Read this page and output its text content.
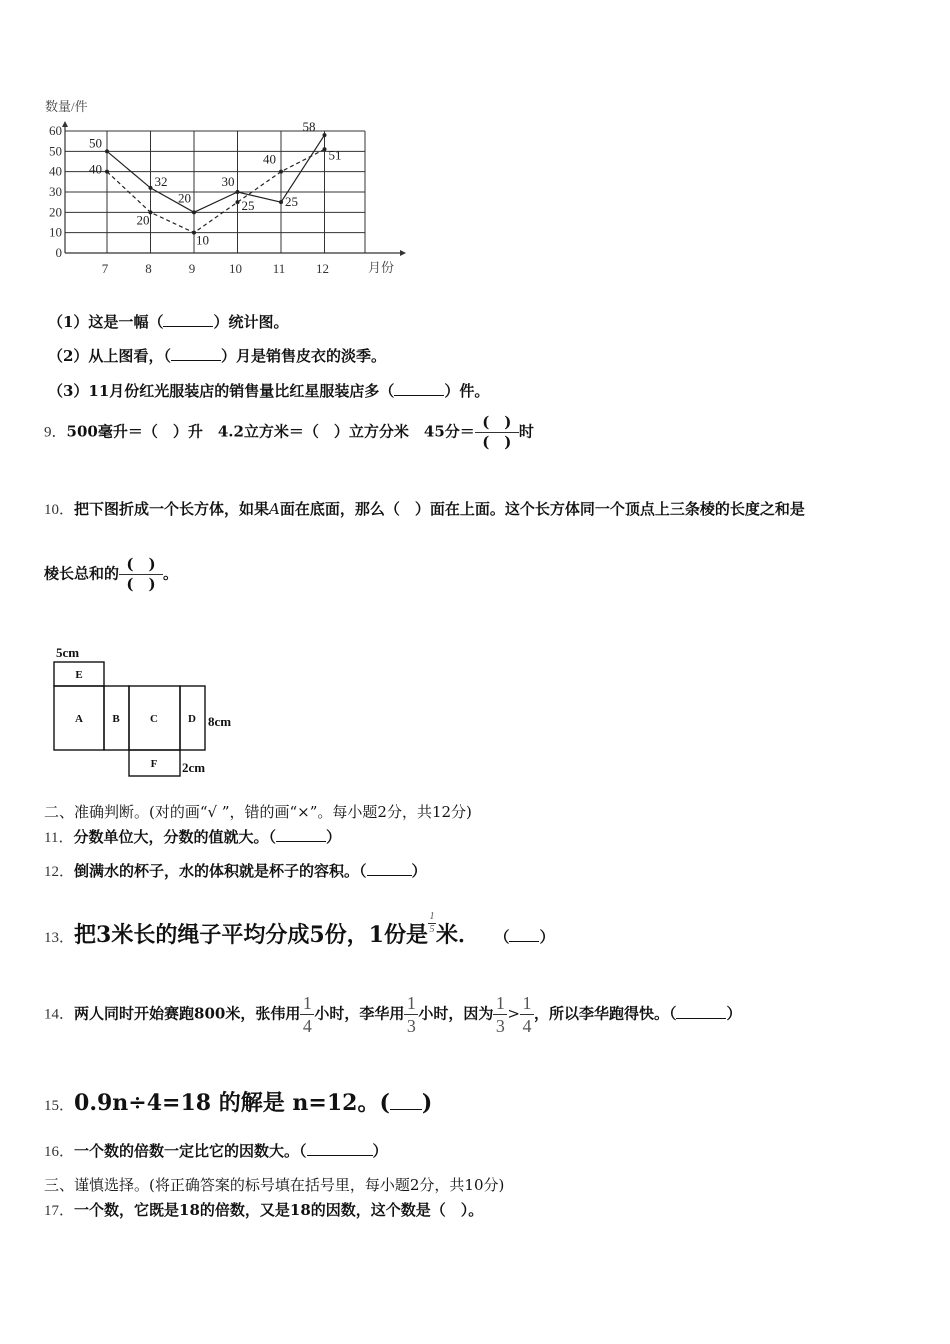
数量/件
月份
0
10
20
30
40
50
60
7	8	9	10 11 12
50
32
20
30
25
58
40
20
10
25
40	51
（1）这是一幅（	）统计图。
（2）从上图看，（	）月是销售皮衣的淡季。
（3）11月份红光服装店的销售量比红星服装店多（	）件。
9．500毫升＝（　）升　4.2立方米＝（　）立方分米　45分＝ $\frac{( )}{( )}$ 时
10．把下图折成一个长方体，如果A面在底面，那么（　）面在上面。这个长方体同一个顶点上三条棱的长度之和是
棱长总和的 $\frac{( )}{( )}$ 。
5cm
E
A	B	C	D
F
8cm
2cm
二、准确判断。(对的画“√ ”，错的画“×”。每小题2分，共12分)
11．分数单位大，分数的值就大。（	）
12．倒满水的杯子，水的体积就是杯子的容积。（	）
13．把3米长的绳子平均分成5份，1份是 $\frac{1}{5}$ 米． （ ）
14．两人同时开始赛跑800米，张伟用 $\frac{1}{4}$ 小时，李华用 $\frac{1}{3}$ 小时，因为 $\frac{1}{3} > \frac{1}{4}$ ，所以李华跑得快。（	）
15．0.9n÷4=18 的解是 n=12。( )
16．一个数的倍数一定比它的因数大。（	）
三、谨慎选择。(将正确答案的标号填在括号里，每小题2分，共10分)
17．一个数，它既是18的倍数，又是18的因数，这个数是（　）。
